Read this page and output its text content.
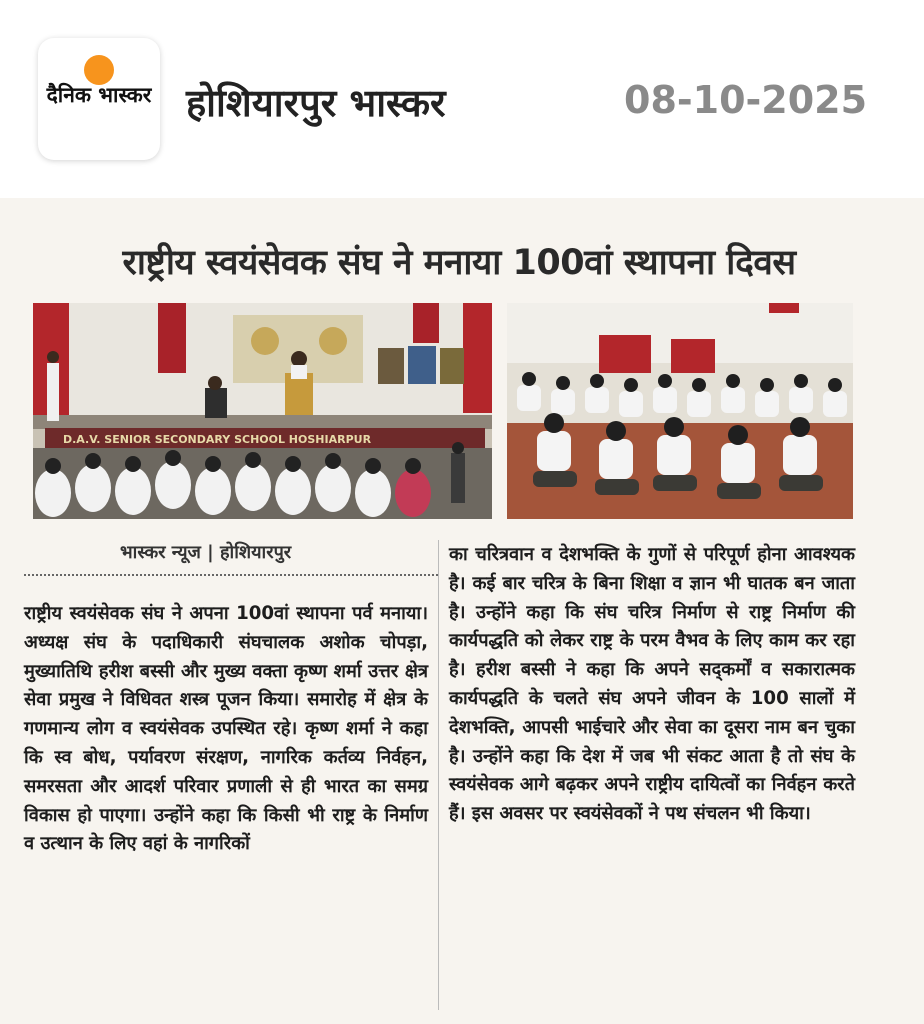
दैनिक भास्कर होशियारपुर भास्कर	08-10-2025
राष्ट्रीय स्वयंसेवक संघ ने मनाया 100वां स्थापना दिवस
D.A.V. SENIOR SECONDARY SCHOOL HOSHIARPUR
भास्कर न्यूज | होशियारपुर
राष्ट्रीय स्वयंसेवक संघ ने अपना 100वां स्थापना पर्व मनाया। अध्यक्ष संघ के पदाधिकारी संघचालक अशोक चोपड़ा, मुख्यातिथि हरीश बस्सी और मुख्य वक्ता कृष्ण शर्मा उत्तर क्षेत्र सेवा प्रमुख ने विधिवत शस्त्र पूजन किया। समारोह में क्षेत्र के गणमान्य लोग व स्वयंसेवक उपस्थित रहे। कृष्ण शर्मा ने कहा कि स्व बोध, पर्यावरण संरक्षण, नागरिक कर्तव्य निर्वहन, समरसता और आदर्श परिवार प्रणाली से ही भारत का समग्र विकास हो पाएगा। उन्होंने कहा कि किसी भी राष्ट्र के निर्माण व उत्थान के लिए वहां के नागरिकों
का चरित्रवान व देशभक्ति के गुणों से परिपूर्ण होना आवश्यक है। कई बार चरित्र के बिना शिक्षा व ज्ञान भी घातक बन जाता है। उन्होंने कहा कि संघ चरित्र निर्माण से राष्ट्र निर्माण की कार्यपद्धति को लेकर राष्ट्र के परम वैभव के लिए काम कर रहा है। हरीश बस्सी ने कहा कि अपने सद्कर्मों व सकारात्मक कार्यपद्धति के चलते संघ अपने जीवन के 100 सालों में देशभक्ति, आपसी भाईचारे और सेवा का दूसरा नाम बन चुका है। उन्होंने कहा कि देश में जब भी संकट आता है तो संघ के स्वयंसेवक आगे बढ़कर अपने राष्ट्रीय दायित्वों का निर्वहन करते हैं। इस अवसर पर स्वयंसेवकों ने पथ संचलन भी किया।
